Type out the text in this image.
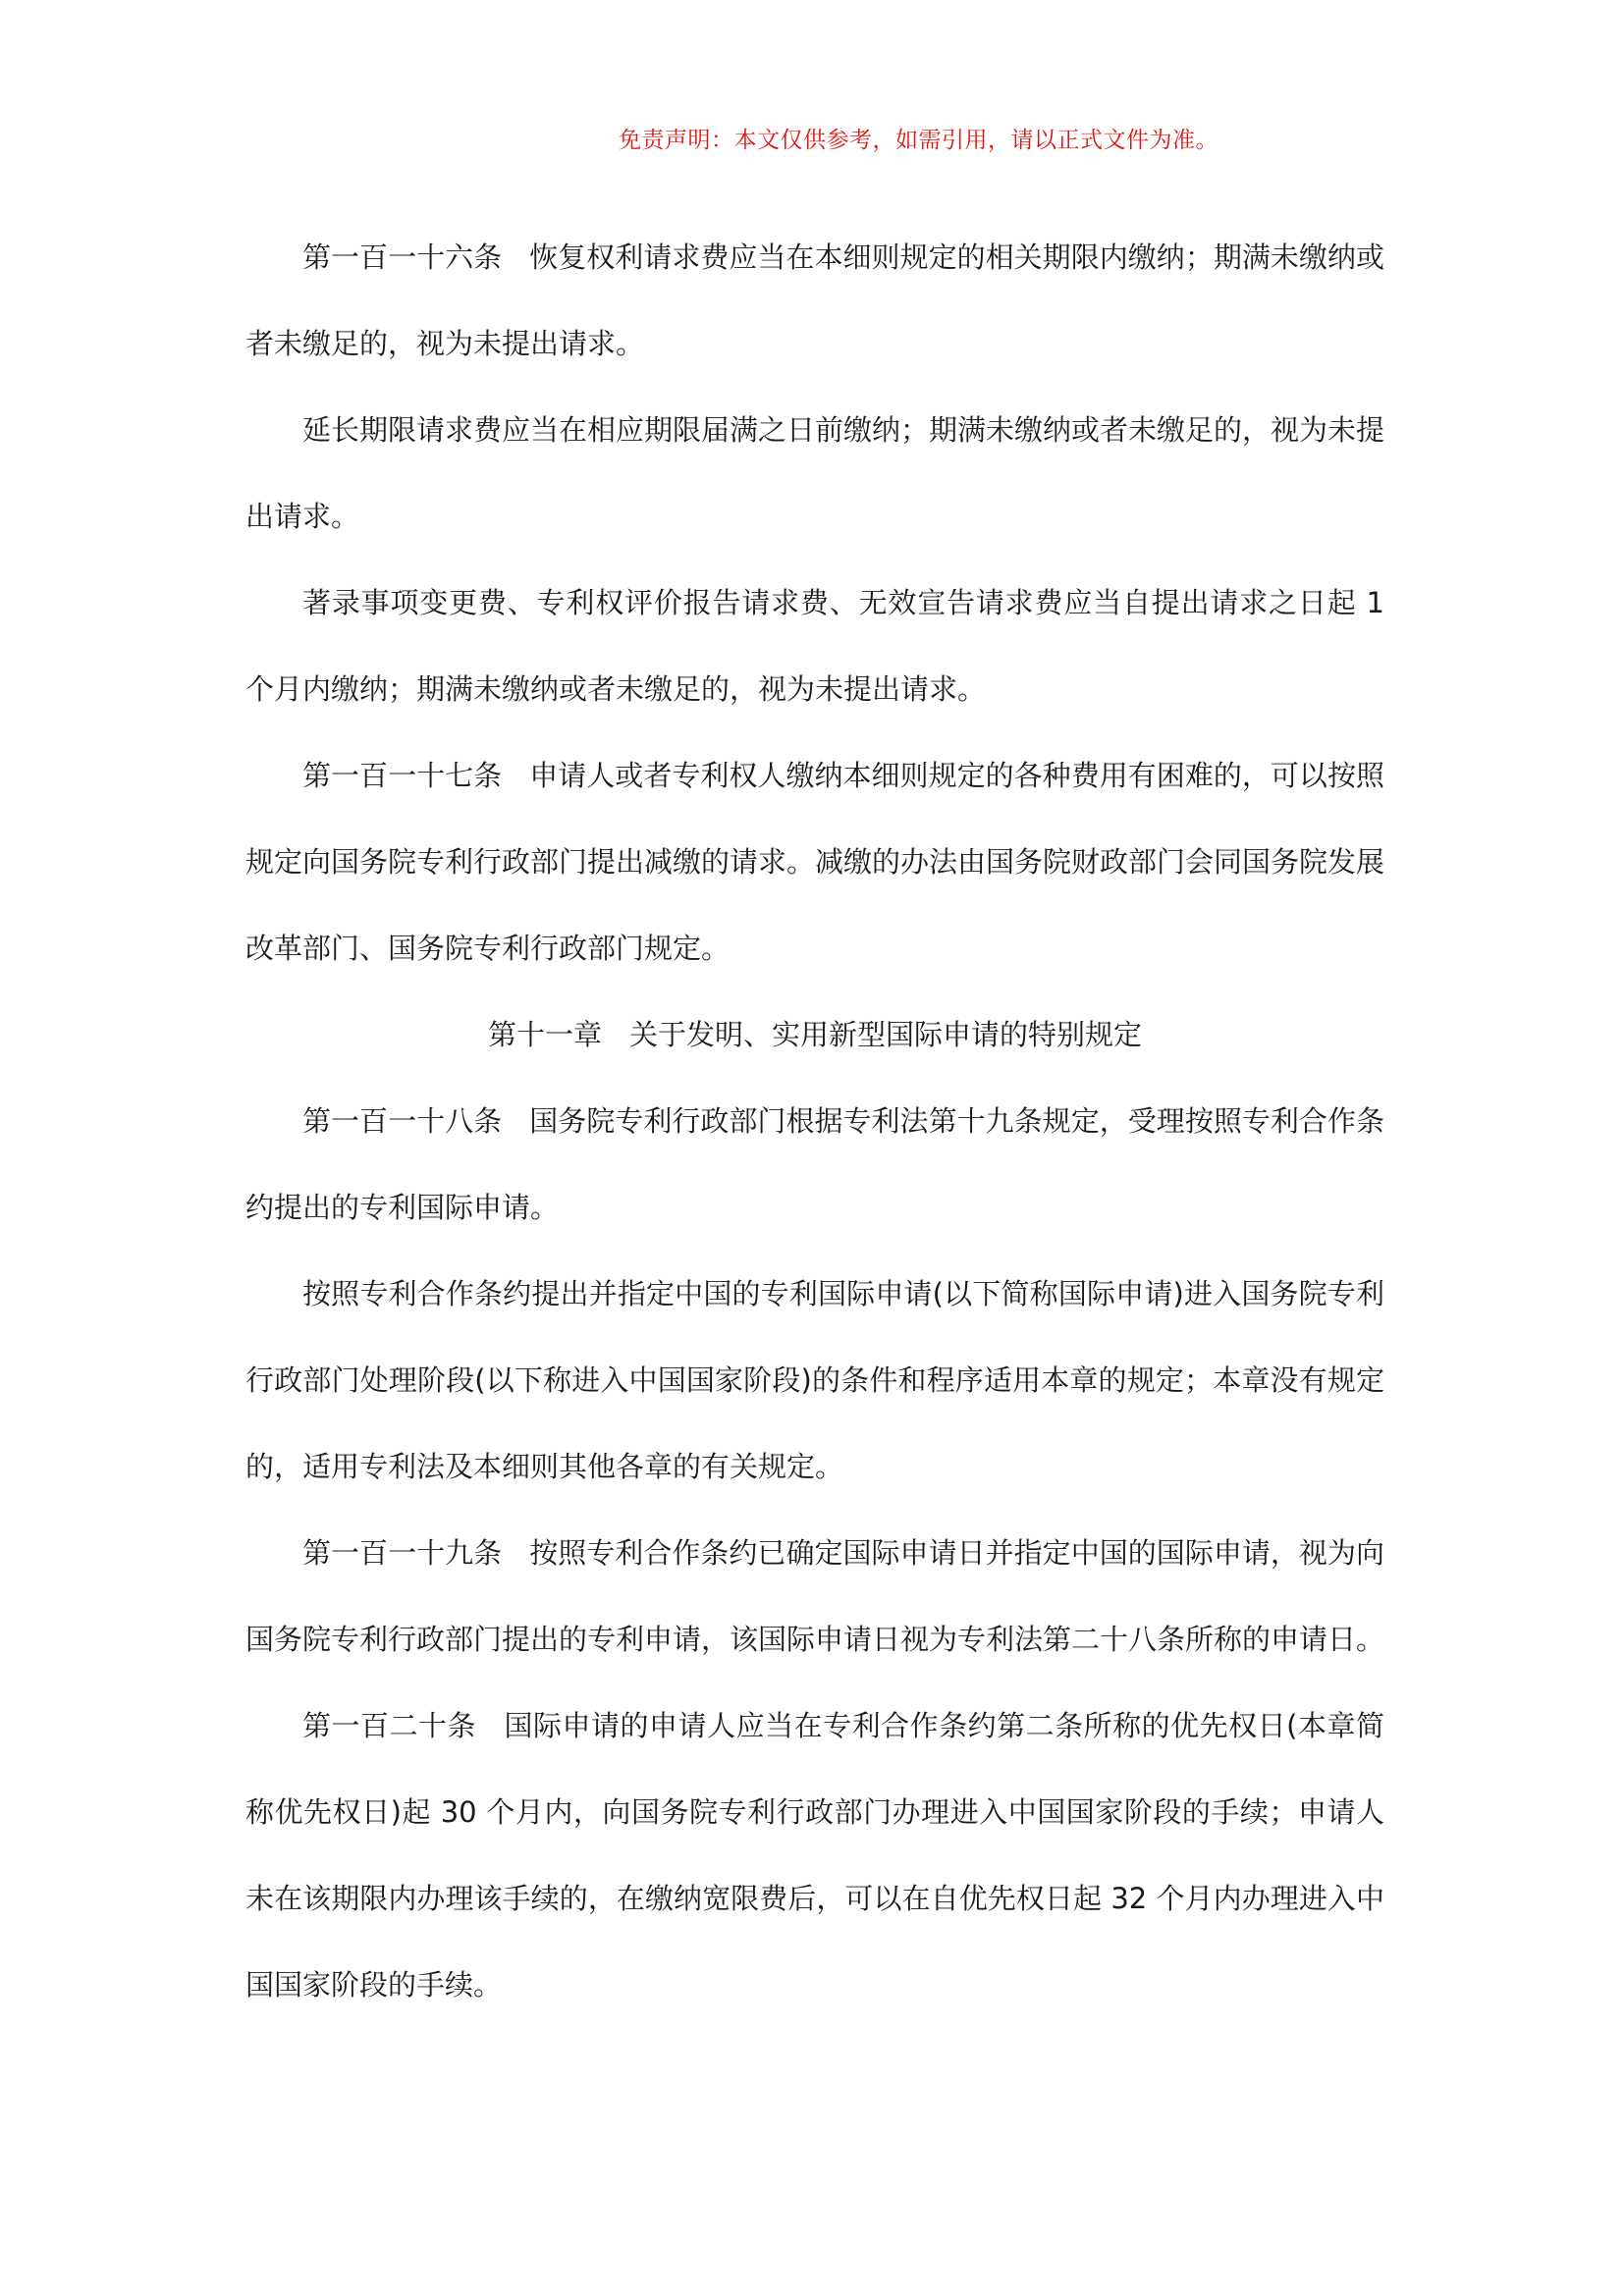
免责声明：本文仅供参考，如需引用，请以正式文件为准。

第一百一十六条 恢复权利请求费应当在本细则规定的相关期限内缴纳；期满未缴纳或者未缴足的，视为未提出请求。

延长期限请求费应当在相应期限届满之日前缴纳；期满未缴纳或者未缴足的，视为未提出请求。

著录事项变更费、专利权评价报告请求费、无效宣告请求费应当自提出请求之日起 1 个月内缴纳；期满未缴纳或者未缴足的，视为未提出请求。

第一百一十七条 申请人或者专利权人缴纳本细则规定的各种费用有困难的，可以按照规定向国务院专利行政部门提出减缴的请求。减缴的办法由国务院财政部门会同国务院发展改革部门、国务院专利行政部门规定。

第十一章 关于发明、实用新型国际申请的特别规定

第一百一十八条 国务院专利行政部门根据专利法第十九条规定，受理按照专利合作条约提出的专利国际申请。

按照专利合作条约提出并指定中国的专利国际申请(以下简称国际申请)进入国务院专利行政部门处理阶段(以下称进入中国国家阶段)的条件和程序适用本章的规定；本章没有规定的，适用专利法及本细则其他各章的有关规定。

第一百一十九条 按照专利合作条约已确定国际申请日并指定中国的国际申请，视为向国务院专利行政部门提出的专利申请，该国际申请日视为专利法第二十八条所称的申请日。

第一百二十条 国际申请的申请人应当在专利合作条约第二条所称的优先权日(本章简称优先权日)起 30 个月内，向国务院专利行政部门办理进入中国国家阶段的手续；申请人未在该期限内办理该手续的，在缴纳宽限费后，可以在自优先权日起 32 个月内办理进入中国国家阶段的手续。
